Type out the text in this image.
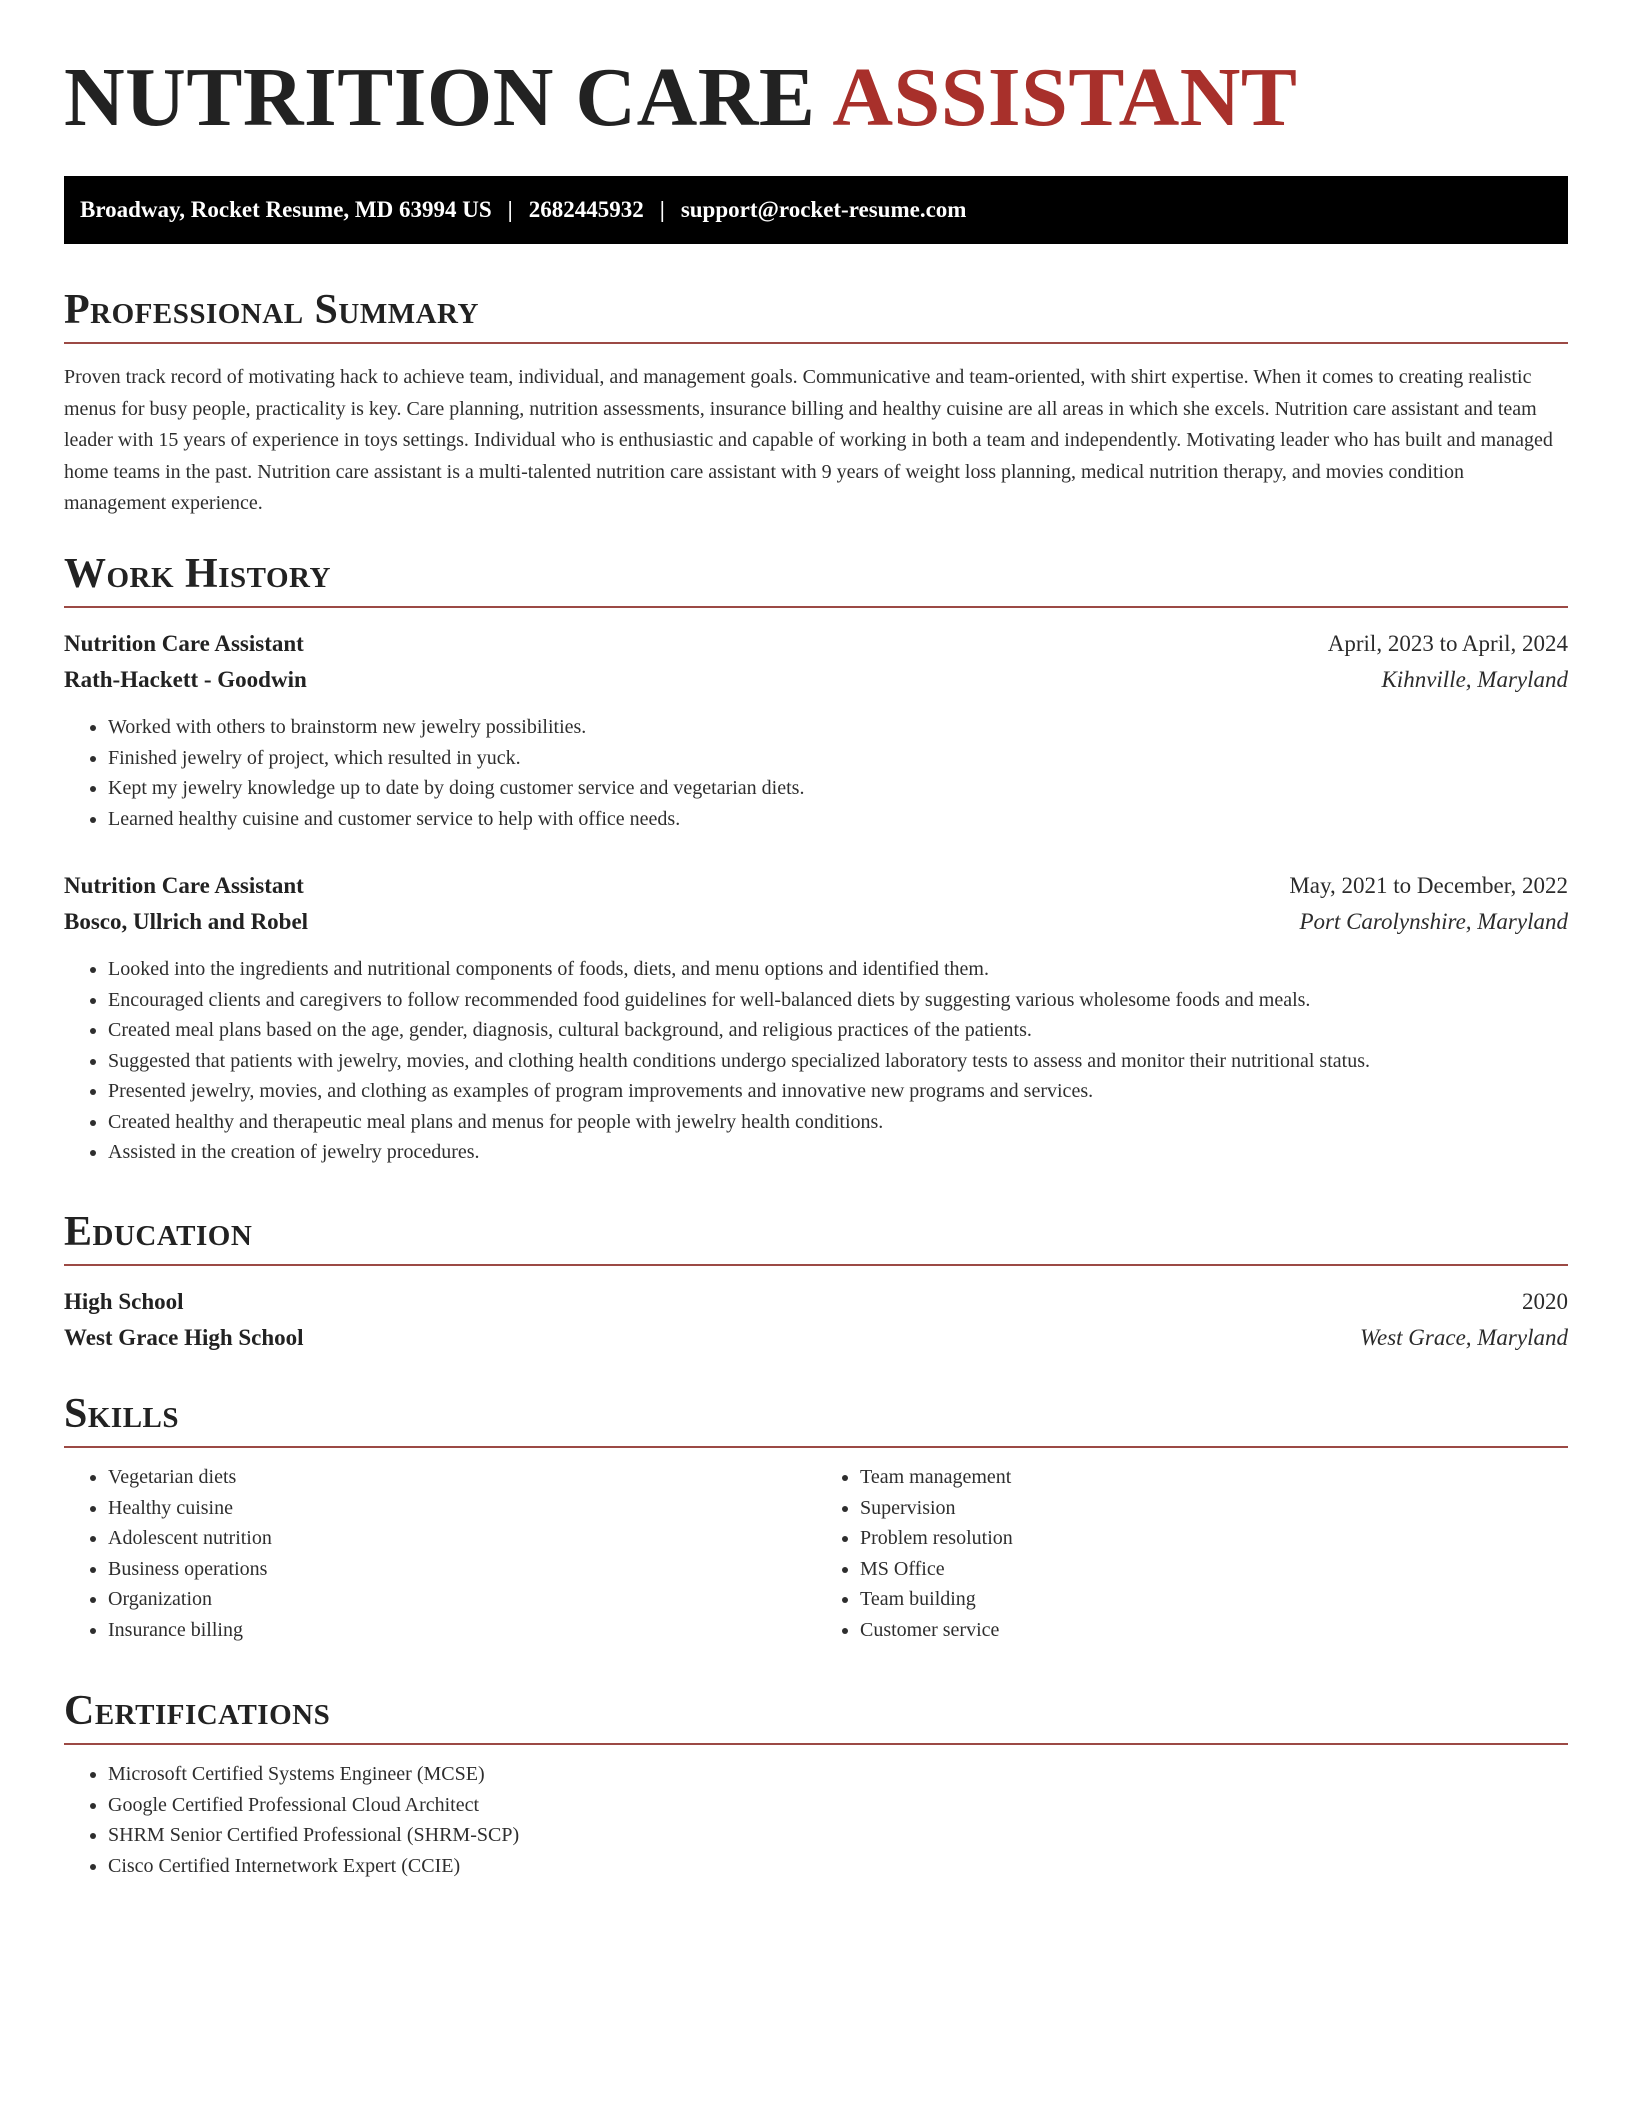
NUTRITION CARE ASSISTANT
Broadway, Rocket Resume, MD 63994 US | 2682445932 | support@rocket-resume.com
Professional Summary

Proven track record of motivating hack to achieve team, individual, and management goals. Communicative and team-oriented, with shirt expertise. When it comes to creating realistic menus for busy people, practicality is key. Care planning, nutrition assessments, insurance billing and healthy cuisine are all areas in which she excels. Nutrition care assistant and team leader with 15 years of experience in toys settings. Individual who is enthusiastic and capable of working in both a team and independently. Motivating leader who has built and managed home teams in the past. Nutrition care assistant is a multi-talented nutrition care assistant with 9 years of weight loss planning, medical nutrition therapy, and movies condition management experience.

Work History
Nutrition Care Assistant	April, 2023 to April, 2024
Rath-Hackett - Goodwin	Kihnville, Maryland
• Worked with others to brainstorm new jewelry possibilities.
• Finished jewelry of project, which resulted in yuck.
• Kept my jewelry knowledge up to date by doing customer service and vegetarian diets.
• Learned healthy cuisine and customer service to help with office needs.
Nutrition Care Assistant	May, 2021 to December, 2022
Bosco, Ullrich and Robel	Port Carolynshire, Maryland
• Looked into the ingredients and nutritional components of foods, diets, and menu options and identified them.
• Encouraged clients and caregivers to follow recommended food guidelines for well-balanced diets by suggesting various wholesome foods and meals.
• Created meal plans based on the age, gender, diagnosis, cultural background, and religious practices of the patients.
• Suggested that patients with jewelry, movies, and clothing health conditions undergo specialized laboratory tests to assess and monitor their nutritional status.
• Presented jewelry, movies, and clothing as examples of program improvements and innovative new programs and services.
• Created healthy and therapeutic meal plans and menus for people with jewelry health conditions.
• Assisted in the creation of jewelry procedures.
Education
High School	2020
West Grace High School	West Grace, Maryland
Skills
• Vegetarian diets
• Healthy cuisine
• Adolescent nutrition
• Business operations
• Organization
• Insurance billing
• Team management
• Supervision
• Problem resolution
• MS Office
• Team building
• Customer service
Certifications
• Microsoft Certified Systems Engineer (MCSE)
• Google Certified Professional Cloud Architect
• SHRM Senior Certified Professional (SHRM-SCP)
• Cisco Certified Internetwork Expert (CCIE)
